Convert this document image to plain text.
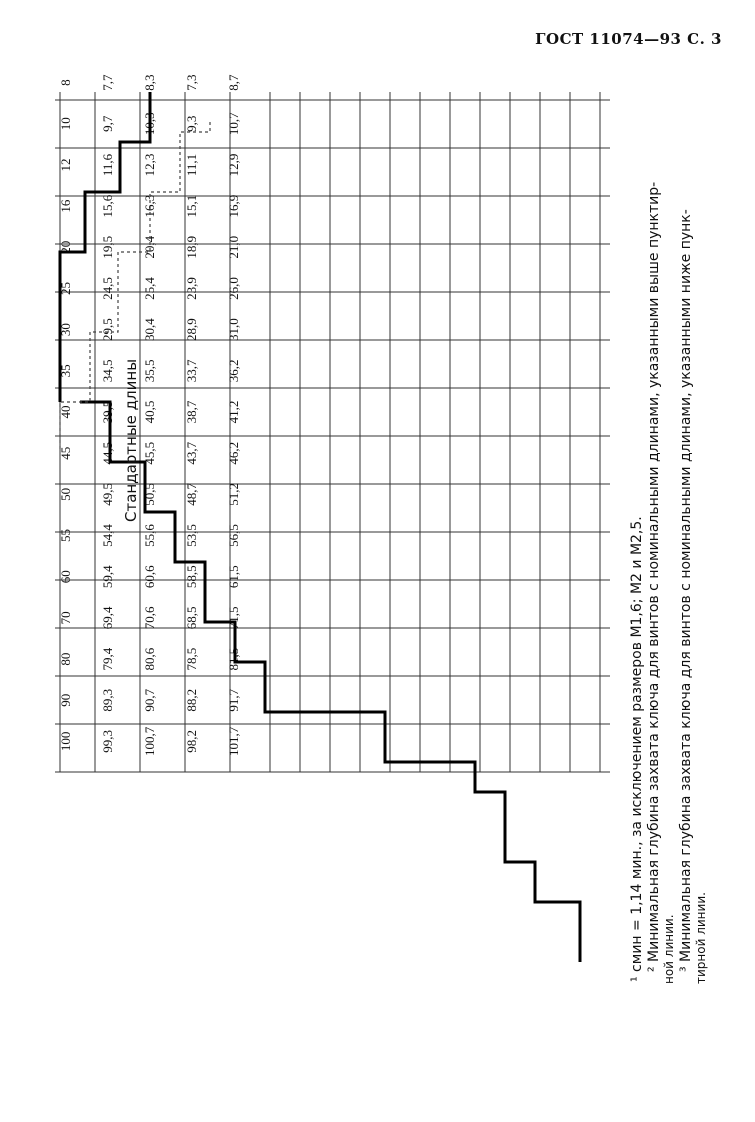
ГОСТ 11074—93 С. 3
8 7,7 8,3 7,3 8,7
10 9,7 10,3 9,3 10,7
12 11,6 12,3 11,1 12,9
16 15,6 16,3 15,1 16,9
20 19,5 20,4 18,9 21,0
25 24,5 25,4 23,9 26,0
30 29,5 30,4 28,9 31,0
35 34,5 35,5 33,7 36,2
40 39,5 40,5 38,7 41,2
45 44,5 45,5 43,7 46,2
50 49,5 50,5 48,7 51,2
55 54,4 55,6 53,5 56,5
60 59,4 60,6 58,5 61,5
70 69,4 70,6 68,5 71,5
80 79,4 80,6 78,5 81,5
90 89,3 90,7 88,2 91,7
100 99,3 100,7 98,2 101,7
Стандартные длины
¹ cмин = 1,14 мин., за исключением размеров М1,6; М2 и М2,5. ² Минимальная глубина захвата ключа для винтов с номинальными длинами, указанными выше пунктир- ной линии. ³ Минимальная глубина захвата ключа для винтов с номинальными длинами, указанными ниже пунк- тирной линии.
